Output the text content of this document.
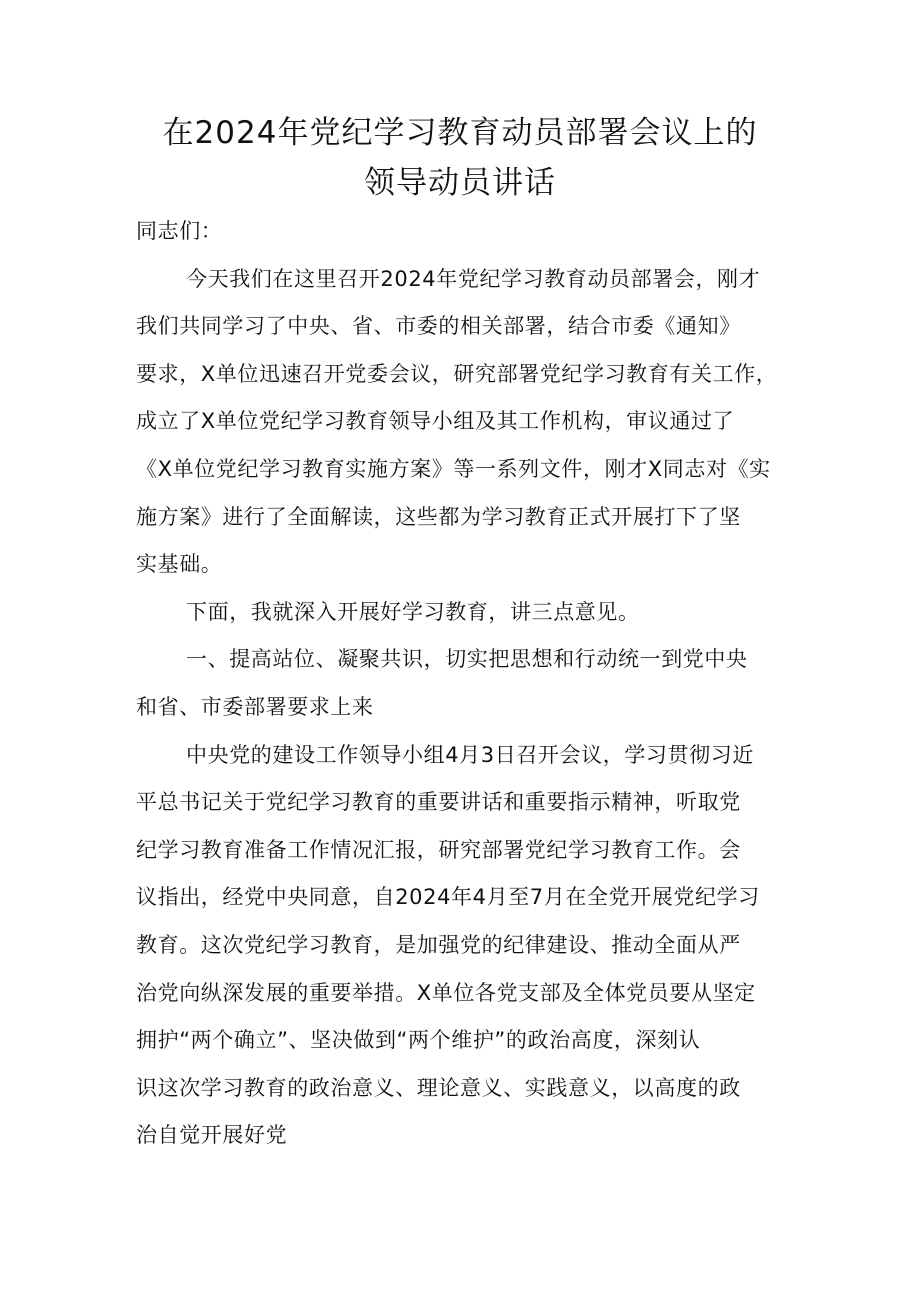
在2024年党纪学习教育动员部署会议上的
领导动员讲话
同志们：
今天我们在这里召开2024年党纪学习教育动员部署会，刚才
我们共同学习了中央、省、市委的相关部署，结合市委《通知》
要求，X单位迅速召开党委会议，研究部署党纪学习教育有关工作，
成立了X单位党纪学习教育领导小组及其工作机构，审议通过了
《X单位党纪学习教育实施方案》等一系列文件，刚才X同志对《实
施方案》进行了全面解读，这些都为学习教育正式开展打下了坚
实基础。
下面，我就深入开展好学习教育，讲三点意见。
一、提高站位、凝聚共识，切实把思想和行动统一到党中央
和省、市委部署要求上来
中央党的建设工作领导小组4月3日召开会议，学习贯彻习近
平总书记关于党纪学习教育的重要讲话和重要指示精神，听取党
纪学习教育准备工作情况汇报，研究部署党纪学习教育工作。会
议指出，经党中央同意，自2024年4月至7月在全党开展党纪学习
教育。这次党纪学习教育，是加强党的纪律建设、推动全面从严
治党向纵深发展的重要举措。X单位各党支部及全体党员要从坚定
拥护“两个确立”、坚决做到“两个维护”的政治高度，深刻认
识这次学习教育的政治意义、理论意义、实践意义，以高度的政
治自觉开展好党
